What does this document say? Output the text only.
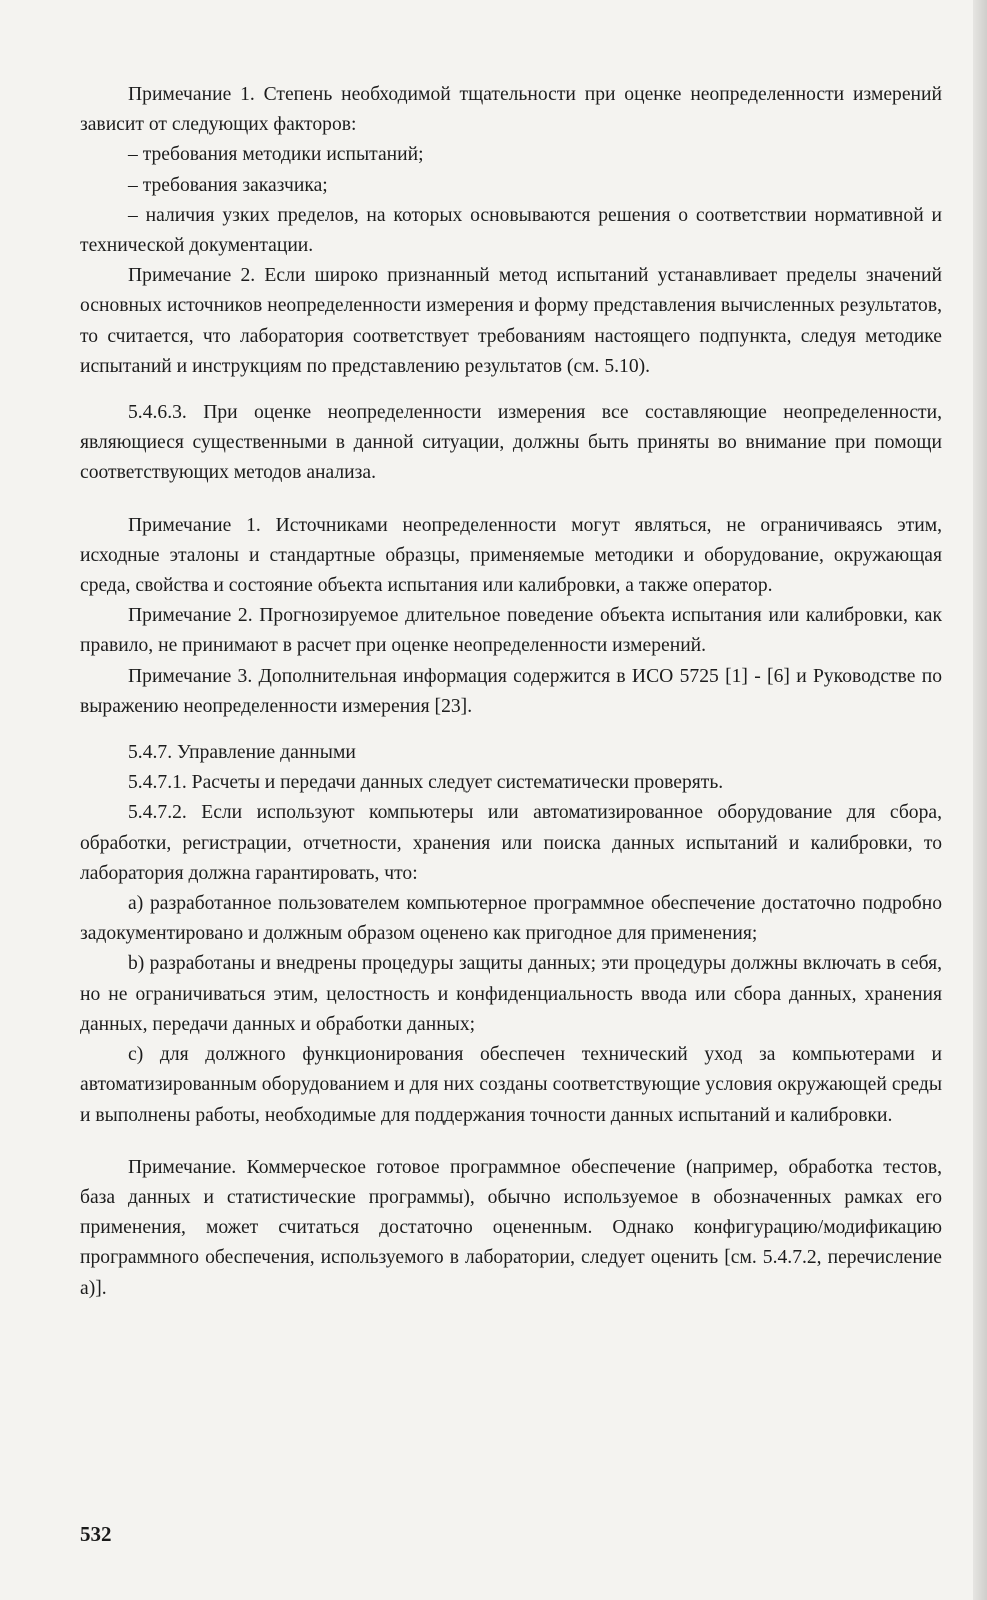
Примечание 1. Степень необходимой тщательности при оценке неопределенности измерений зависит от следующих факторов:

– требования методики испытаний;

– требования заказчика;

– наличия узких пределов, на которых основываются решения о соответствии нормативной и технической документации.

Примечание 2. Если широко признанный метод испытаний устанавливает пределы значений основных источников неопределенности измерения и форму представления вычисленных результатов, то считается, что лаборатория соответствует требованиям настоящего подпункта, следуя методике испытаний и инструкциям по представлению результатов (см. 5.10).

5.4.6.3. При оценке неопределенности измерения все составляющие неопределенности, являющиеся существенными в данной ситуации, должны быть приняты во внимание при помощи соответствующих методов анализа.

Примечание 1. Источниками неопределенности могут являться, не ограничиваясь этим, исходные эталоны и стандартные образцы, применяемые методики и оборудование, окружающая среда, свойства и состояние объекта испытания или калибровки, а также оператор.

Примечание 2. Прогнозируемое длительное поведение объекта испытания или калибровки, как правило, не принимают в расчет при оценке неопределенности измерений.

Примечание 3. Дополнительная информация содержится в ИСО 5725 [1] - [6] и Руководстве по выражению неопределенности измерения [23].

5.4.7. Управление данными

5.4.7.1. Расчеты и передачи данных следует систематически проверять.

5.4.7.2. Если используют компьютеры или автоматизированное оборудование для сбора, обработки, регистрации, отчетности, хранения или поиска данных испытаний и калибровки, то лаборатория должна гарантировать, что:

а) разработанное пользователем компьютерное программное обеспечение достаточно подробно задокументировано и должным образом оценено как пригодное для применения;

b) разработаны и внедрены процедуры защиты данных; эти процедуры должны включать в себя, но не ограничиваться этим, целостность и конфиденциальность ввода или сбора данных, хранения данных, передачи данных и обработки данных;

с) для должного функционирования обеспечен технический уход за компьютерами и автоматизированным оборудованием и для них созданы соответствующие условия окружающей среды и выполнены работы, необходимые для поддержания точности данных испытаний и калибровки.

Примечание. Коммерческое готовое программное обеспечение (например, обработка тестов, база данных и статистические программы), обычно используемое в обозначенных рамках его применения, может считаться достаточно оцененным. Однако конфигурацию/модификацию программного обеспечения, используемого в лаборатории, следует оценить [см. 5.4.7.2, перечисление а)].

532
